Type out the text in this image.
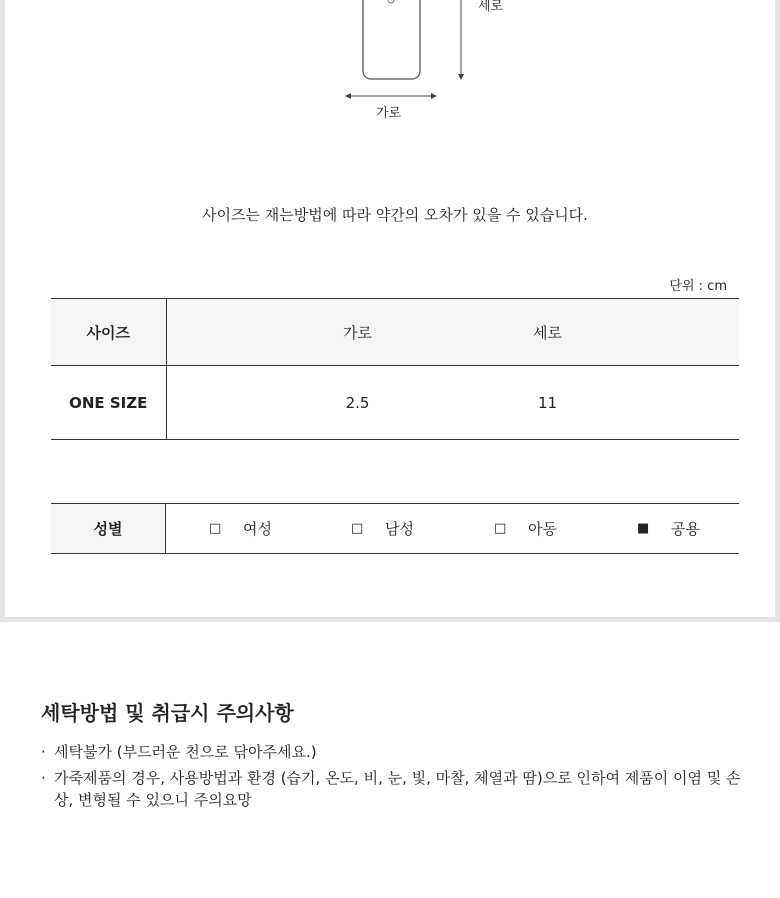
세로
가로
사이즈는 재는방법에 따라 약간의 오차가 있을 수 있습니다.
단위 : cm
사이즈	가로 세로
ONE SIZE	2.5 11
성별	□	여성	□	남성	□	아동	■	공용
세탁방법 및 취급시 주의사항
· 세탁불가 (부드러운 천으로 닦아주세요.)
· 가죽제품의 경우, 사용방법과 환경 (습기, 온도, 비, 눈, 빛, 마찰, 체열과 땀)으로 인하여 제품이 이염 및 손상, 변형될 수 있으니 주의요망
